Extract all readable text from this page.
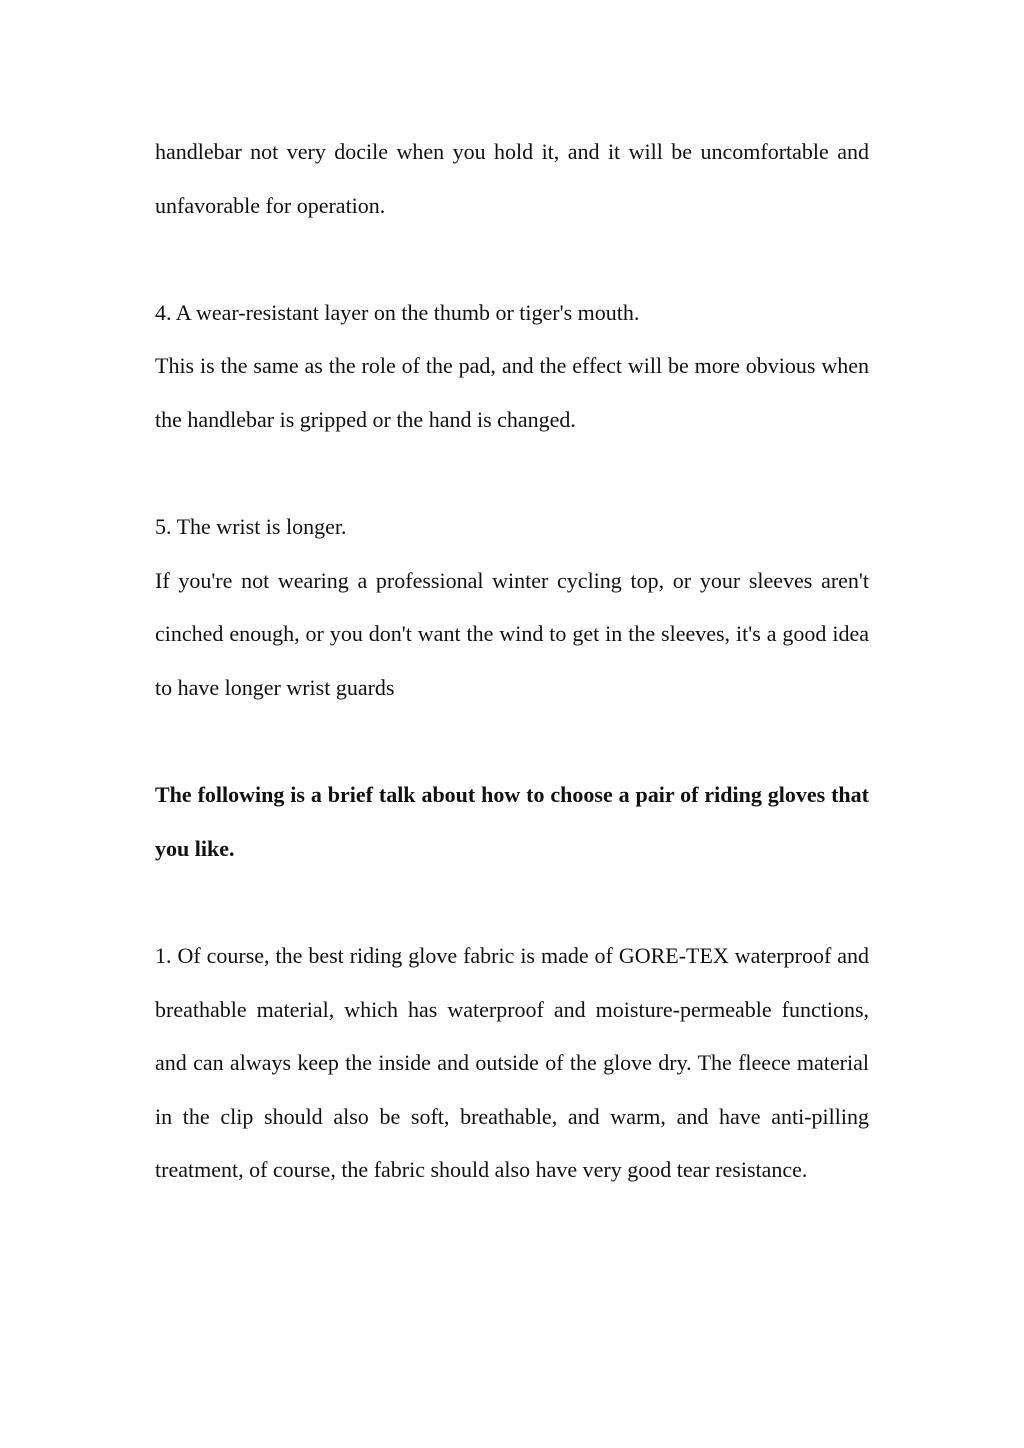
handlebar not very docile when you hold it, and it will be uncomfortable and unfavorable for operation.

4. A wear-resistant layer on the thumb or tiger's mouth.

This is the same as the role of the pad, and the effect will be more obvious when the handlebar is gripped or the hand is changed.

5. The wrist is longer.

If you're not wearing a professional winter cycling top, or your sleeves aren't cinched enough, or you don't want the wind to get in the sleeves, it's a good idea to have longer wrist guards

The following is a brief talk about how to choose a pair of riding gloves that you like.

1. Of course, the best riding glove fabric is made of GORE-TEX waterproof and breathable material, which has waterproof and moisture-permeable functions, and can always keep the inside and outside of the glove dry. The fleece material in the clip should also be soft, breathable, and warm, and have anti-pilling treatment, of course, the fabric should also have very good tear resistance.
